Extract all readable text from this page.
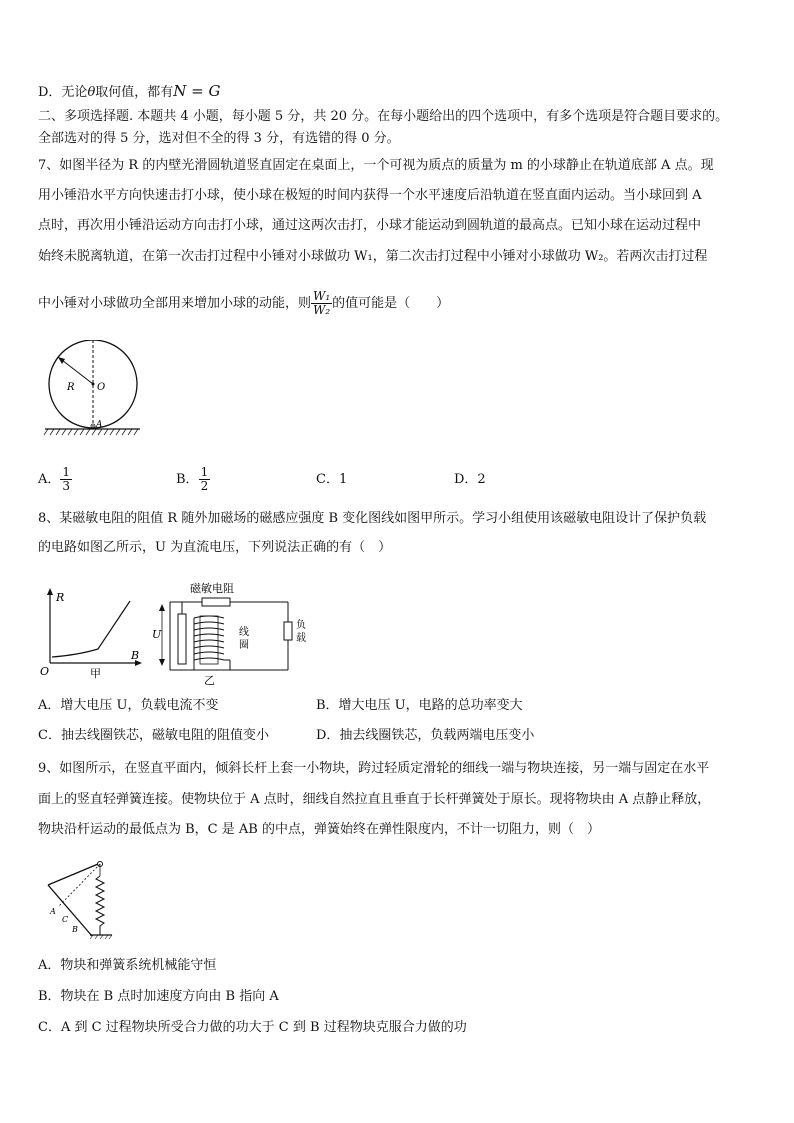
D．无论θ取何值，都有N = G
二、多项选择题. 本题共 4 小题，每小题 5 分，共 20 分。在每小题给出的四个选项中，有多个选项是符合题目要求的。
全部选对的得 5 分，选对但不全的得 3 分，有选错的得 0 分。
7、如图半径为 R 的内壁光滑圆轨道竖直固定在桌面上，一个可视为质点的质量为 m 的小球静止在轨道底部 A 点。现
用小锤沿水平方向快速击打小球，使小球在极短的时间内获得一个水平速度后沿轨道在竖直面内运动。当小球回到 A
点时，再次用小锤沿运动方向击打小球，通过这两次击打，小球才能运动到圆轨道的最高点。已知小球在运动过程中
始终未脱离轨道，在第一次击打过程中小锤对小球做功 W₁，第二次击打过程中小锤对小球做功 W₂。若两次击打过程
中小锤对小球做功全部用来增加小球的动能，则 $\frac{\text{W₁}}{\text{W₂}}$ 的值可能是（　　）
R O
A
A． $\frac{1}{3}$	B． $\frac{1}{2}$	C．1	D．2
8、某磁敏电阻的阻值 R 随外加磁场的磁感应强度 B 变化图线如图甲所示。学习小组使用该磁敏电阻设计了保护负载
的电路如图乙所示，U 为直流电压，下列说法正确的有（　）
R
B
O	甲
磁敏电阻
U	线
圈
负
载
乙
A．增大电压 U，负载电流不变	B．增大电压 U，电路的总功率变大
C．抽去线圈铁芯，磁敏电阻的阻值变小	D．抽去线圈铁芯，负载两端电压变小
9、如图所示，在竖直平面内，倾斜长杆上套一小物块，跨过轻质定滑轮的细线一端与物块连接，另一端与固定在水平
面上的竖直轻弹簧连接。使物块位于 A 点时，细线自然拉直且垂直于长杆弹簧处于原长。现将物块由 A 点静止释放，
物块沿杆运动的最低点为 B，C 是 AB 的中点，弹簧始终在弹性限度内，不计一切阻力，则（　）
A
C
B
A．物块和弹簧系统机械能守恒
B．物块在 B 点时加速度方向由 B 指向 A
C．A 到 C 过程物块所受合力做的功大于 C 到 B 过程物块克服合力做的功
